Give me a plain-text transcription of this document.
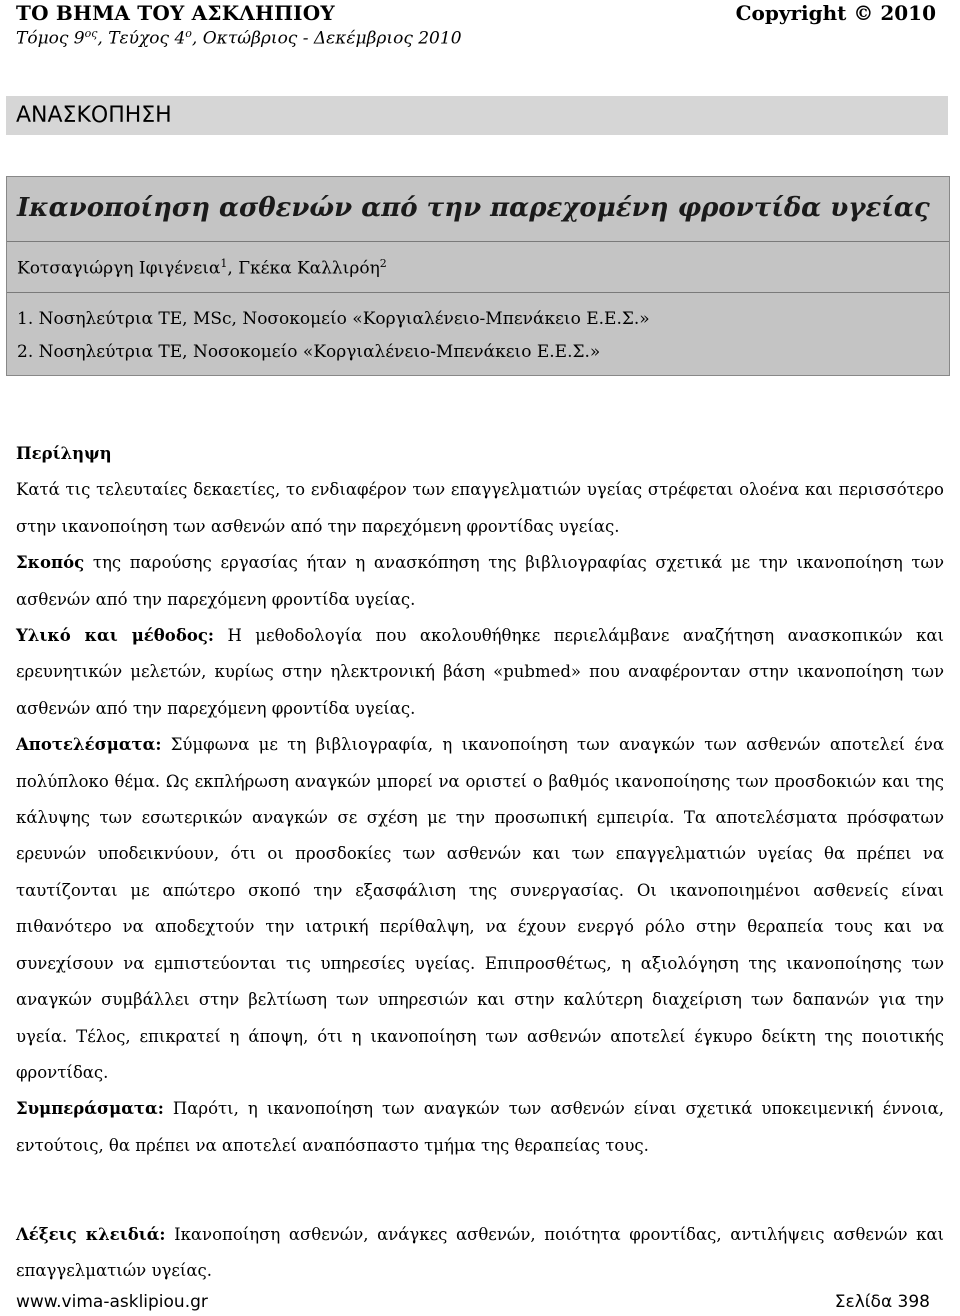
ΤΟ ΒΗΜΑ ΤΟΥ ΑΣΚΛΗΠΙΟΥ	Copyright © 2010
Τόμος $9^{o\varsigma}$, Τεύχος $4^o$, Οκτώβριος - Δεκέμβριος 2010
ΑΝΑΣΚΟΠΗΣΗ
Ικανοποίηση ασθενών από την παρεχομένη φροντίδα υγείας
Κοτσαγιώργη Ιφιγένεια$^1$, Γκέκα Καλλιρόη$^2$
1. Νοσηλεύτρια ΤΕ, MSc, Νοσοκομείο «Κοργιαλένειο-Μπενάκειο Ε.Ε.Σ.»
2. Νοσηλεύτρια ΤΕ, Νοσοκομείο «Κοργιαλένειο-Μπενάκειο Ε.Ε.Σ.»

Περίληψη

Κατά τις τελευταίες δεκαετίες, το ενδιαφέρον των επαγγελματιών υγείας στρέφεται ολοένα και περισσότερο στην ικανοποίηση των ασθενών από την παρεχόμενη φροντίδας υγείας.

Σκοπός της παρούσης εργασίας ήταν η ανασκόπηση της βιβλιογραφίας σχετικά με την ικανοποίηση των ασθενών από την παρεχόμενη φροντίδα υγείας.

Υλικό και μέθοδος: Η μεθοδολογία που ακολουθήθηκε περιελάμβανε αναζήτηση ανασκοπικών και ερευνητικών μελετών, κυρίως στην ηλεκτρονική βάση «pubmed» που αναφέρονταν στην ικανοποίηση των ασθενών από την παρεχόμενη φροντίδα υγείας.

Αποτελέσματα: Σύμφωνα με τη βιβλιογραφία, η ικανοποίηση των αναγκών των ασθενών αποτελεί ένα πολύπλοκο θέμα. Ως εκπλήρωση αναγκών μπορεί να οριστεί ο βαθμός ικανοποίησης των προσδοκιών και της κάλυψης των εσωτερικών αναγκών σε σχέση με την προσωπική εμπειρία. Τα αποτελέσματα πρόσφατων ερευνών υποδεικνύουν, ότι οι προσδοκίες των ασθενών και των επαγγελματιών υγείας θα πρέπει να ταυτίζονται με απώτερο σκοπό την εξασφάλιση της συνεργασίας. Οι ικανοποιημένοι ασθενείς είναι πιθανότερο να αποδεχτούν την ιατρική περίθαλψη, να έχουν ενεργό ρόλο στην θεραπεία τους και να συνεχίσουν να εμπιστεύονται τις υπηρεσίες υγείας. Επιπροσθέτως, η αξιολόγηση της ικανοποίησης των αναγκών συμβάλλει στην βελτίωση των υπηρεσιών και στην καλύτερη διαχείριση των δαπανών για την υγεία. Τέλος, επικρατεί η άποψη, ότι η ικανοποίηση των ασθενών αποτελεί έγκυρο δείκτη της ποιοτικής φροντίδας.

Συμπεράσματα: Παρότι, η ικανοποίηση των αναγκών των ασθενών είναι σχετικά υποκειμενική έννοια, εντούτοις, θα πρέπει να αποτελεί αναπόσπαστο τμήμα της θεραπείας τους.

Λέξεις κλειδιά: Ικανοποίηση ασθενών, ανάγκες ασθενών, ποιότητα φροντίδας, αντιλήψεις ασθενών και επαγγελματιών υγείας.
www.vima-asklipiou.gr	Σελίδα 398
